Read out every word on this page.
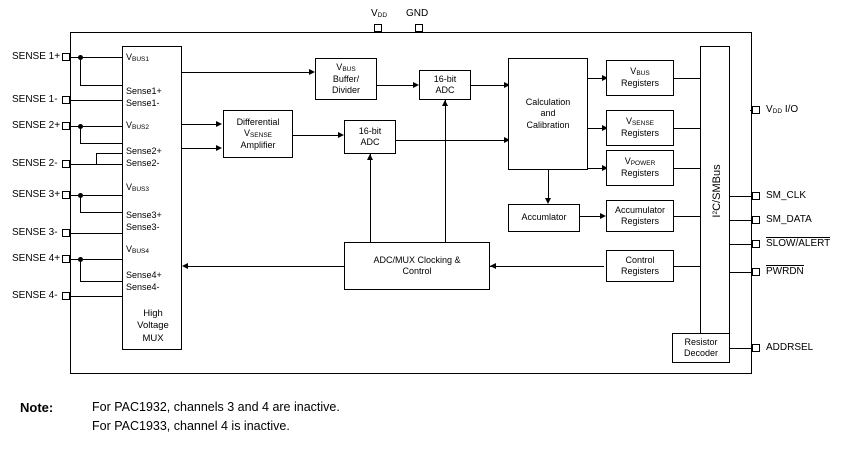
VDD GND
SENSE 1+
SENSE 1-
SENSE 2+
SENSE 2-
SENSE 3+
SENSE 3-
SENSE 4+
SENSE 4-
VBUS1
Sense1+
Sense1-
VBUS2
Sense2+
Sense2-
VBUS3
Sense3+
Sense3-
VBUS4
Sense4+
Sense4-
High
Voltage
MUX
VBUS
Buffer/
Divider
16-bit
ADC
Differential
VSENSE
Amplifier
16-bit
ADC
Calculation
and
Calibration
VBUS
Registers
VSENSE
Registers
VPOWER
Registers
Accumlator
Accumulator
Registers
ADC/MUX Clocking &
Control
Control
Registers
$I^2C$/SMBus
Resistor
Decoder	ADDRSEL
VDD I/O
SM_CLK
SM_DATA
SLOW/ALERT
PWRDN
Note:	For PAC1932, channels 3 and 4 are inactive.
For PAC1933, channel 4 is inactive.
